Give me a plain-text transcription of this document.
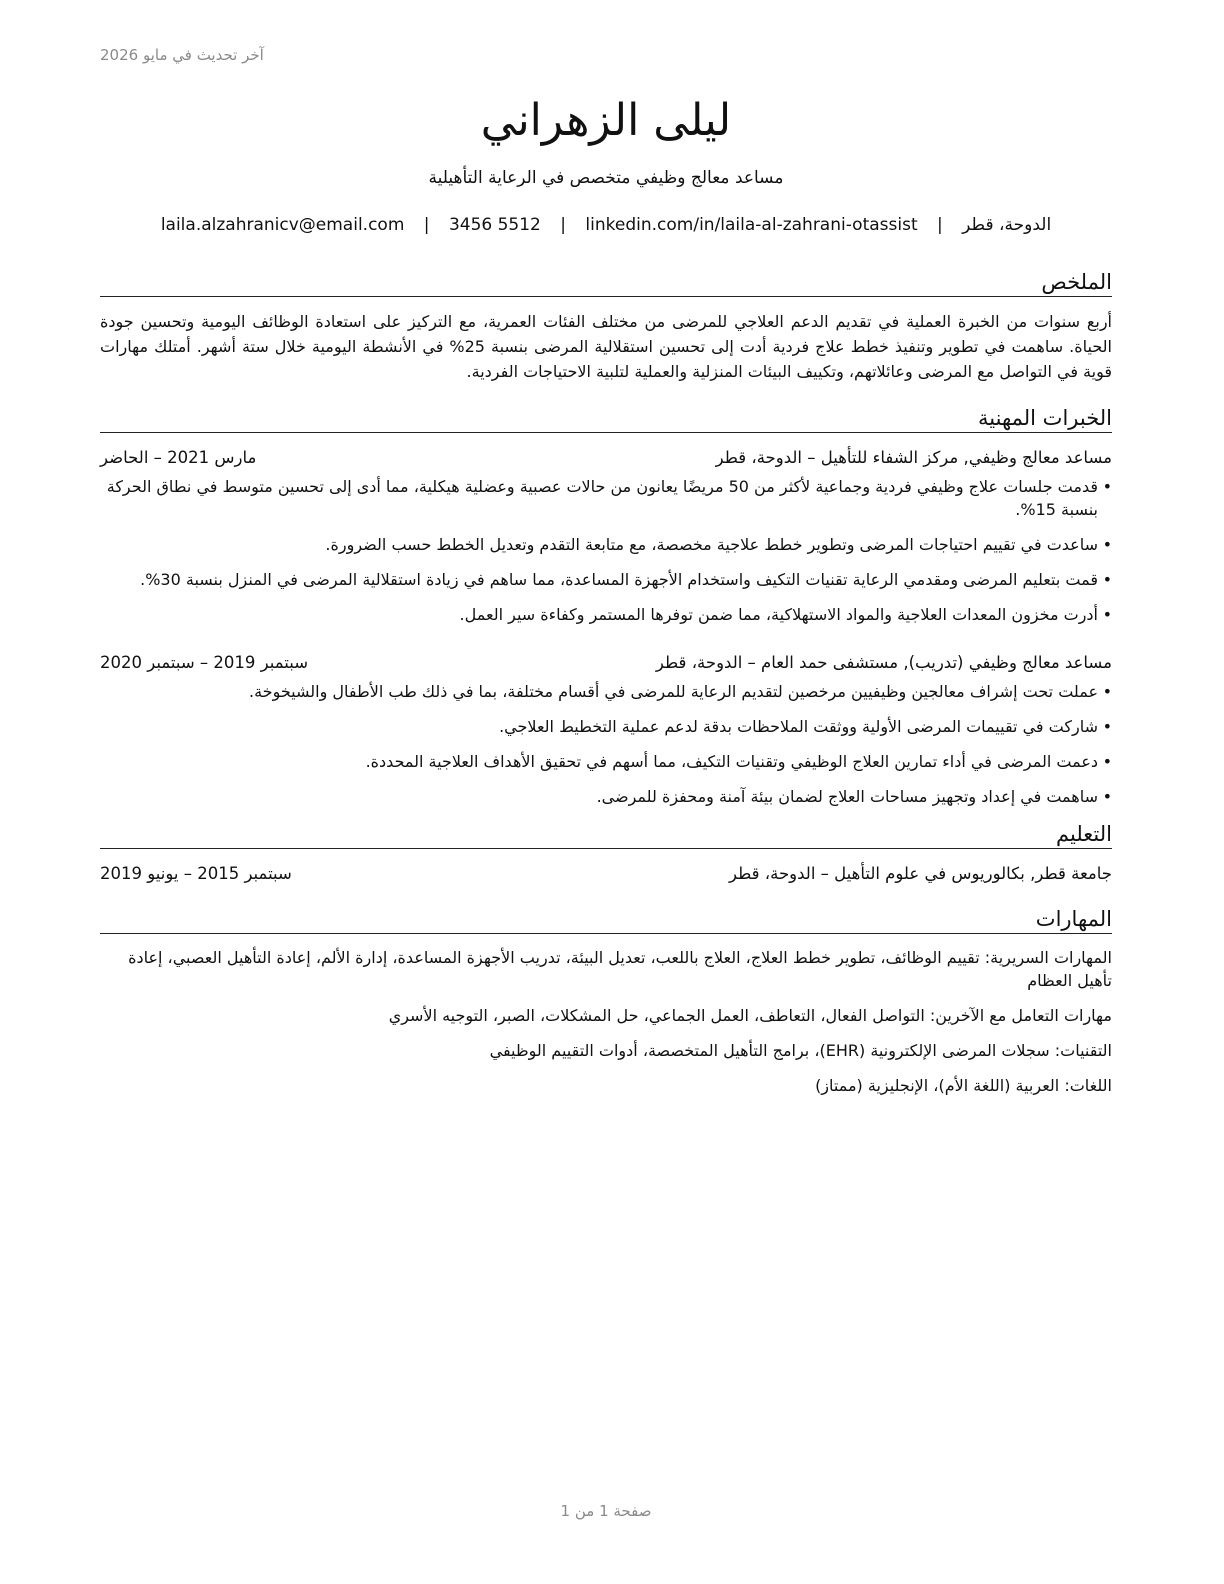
آخر تحديث في مايو 2026
ليلى الزهراني
مساعد معالج وظيفي متخصص في الرعاية التأهيلية
الدوحة، قطر | laila.alzahranicv@email.com | 3456 5512 | linkedin.com/in/laila-al-zahrani-otassist
الملخص

أربع سنوات من الخبرة العملية في تقديم الدعم العلاجي للمرضى من مختلف الفئات العمرية، مع التركيز على استعادة الوظائف اليومية وتحسين جودة الحياة. ساهمت في تطوير وتنفيذ خطط علاج فردية أدت إلى تحسين استقلالية المرضى بنسبة 25% في الأنشطة اليومية خلال ستة أشهر. أمتلك مهارات قوية في التواصل مع المرضى وعائلاتهم، وتكييف البيئات المنزلية والعملية لتلبية الاحتياجات الفردية.

الخبرات المهنية
مساعد معالج وظيفي, مركز الشفاء للتأهيل – الدوحة، قطر
مارس 2021 – الحاضر
• قدمت جلسات علاج وظيفي فردية وجماعية لأكثر من 50 مريضًا يعانون من حالات عصبية وعضلية هيكلية، مما أدى إلى تحسين متوسط في نطاق الحركة بنسبة 15%.
• ساعدت في تقييم احتياجات المرضى وتطوير خطط علاجية مخصصة، مع متابعة التقدم وتعديل الخطط حسب الضرورة.
• قمت بتعليم المرضى ومقدمي الرعاية تقنيات التكيف واستخدام الأجهزة المساعدة، مما ساهم في زيادة استقلالية المرضى في المنزل بنسبة 30%.
• أدرت مخزون المعدات العلاجية والمواد الاستهلاكية، مما ضمن توفرها المستمر وكفاءة سير العمل.
مساعد معالج وظيفي (تدريب), مستشفى حمد العام – الدوحة، قطر
سبتمبر 2019 – سبتمبر 2020
• عملت تحت إشراف معالجين وظيفيين مرخصين لتقديم الرعاية للمرضى في أقسام مختلفة، بما في ذلك طب الأطفال والشيخوخة.
• شاركت في تقييمات المرضى الأولية ووثقت الملاحظات بدقة لدعم عملية التخطيط العلاجي.
• دعمت المرضى في أداء تمارين العلاج الوظيفي وتقنيات التكيف، مما أسهم في تحقيق الأهداف العلاجية المحددة.
• ساهمت في إعداد وتجهيز مساحات العلاج لضمان بيئة آمنة ومحفزة للمرضى.
التعليم
جامعة قطر, بكالوريوس في علوم التأهيل – الدوحة، قطر
سبتمبر 2015 – يونيو 2019
المهارات

المهارات السريرية: تقييم الوظائف، تطوير خطط العلاج، العلاج باللعب، تعديل البيئة، تدريب الأجهزة المساعدة، إدارة الألم، إعادة التأهيل العصبي، إعادة تأهيل العظام

مهارات التعامل مع الآخرين: التواصل الفعال، التعاطف، العمل الجماعي، حل المشكلات، الصبر، التوجيه الأسري

التقنيات: سجلات المرضى الإلكترونية (EHR)، برامج التأهيل المتخصصة، أدوات التقييم الوظيفي

اللغات: العربية (اللغة الأم)، الإنجليزية (ممتاز)

صفحة 1 من 1
